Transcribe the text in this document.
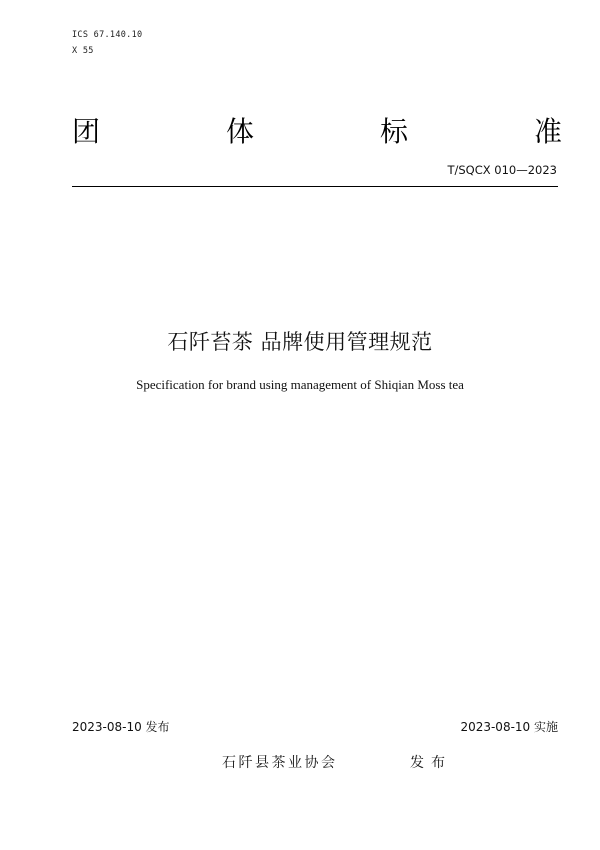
ICS 67.140.10
X 55
团	体	标	准
T/SQCX 010—2023
石阡苔茶 品牌使用管理规范
Specification for brand using management of Shiqian Moss tea
2023-08-10 发布	2023-08-10 实施
石阡县茶业协会	发布
